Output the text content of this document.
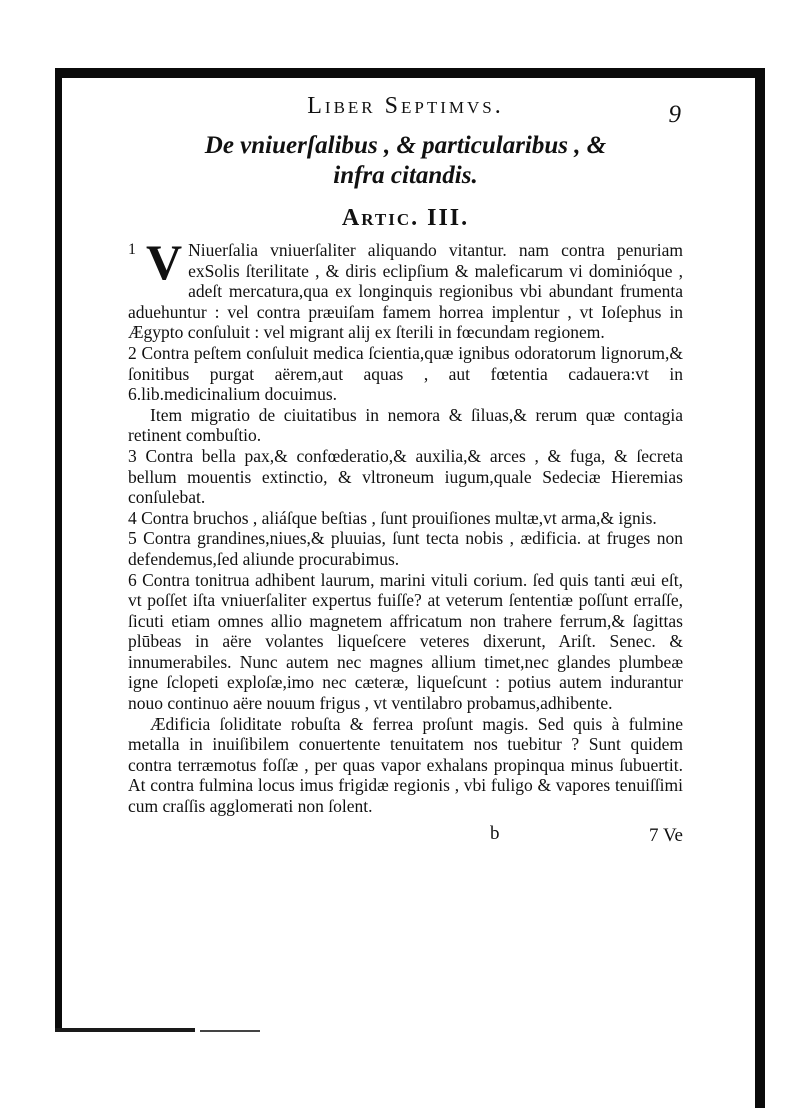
Liber Septimvs.	9
De vniuerſalibus , & particularibus , &
infra citandis.
Artic. III.

1 V Niuerſalia vniuerſaliter aliquando vitantur. nam contra penuriam exSolis ſterilitate , & diris eclipſium & maleficarum vi dominióque , adeſt mercatura,qua ex longinquis regionibus vbi abundant frumenta aduehuntur : vel contra præuiſam famem horrea implentur , vt Ioſephus in Ægypto conſuluit : vel migrant alij ex ſterili in fœcundam regionem.

2 Contra peſtem conſuluit medica ſcientia,quæ ignibus odoratorum lignorum,& ſonitibus purgat aërem,aut aquas , aut fœtentia cadauera:vt in 6.lib.medicinalium docuimus.

Item migratio de ciuitatibus in nemora & ſiluas,& rerum quæ contagia retinent combuſtio.

3 Contra bella pax,& confœderatio,& auxilia,& arces , & fuga, & ſecreta bellum mouentis extinctio, & vltroneum iugum,quale Sedeciæ Hieremias conſulebat.

4 Contra bruchos , aliáſque beſtias , ſunt prouiſiones multæ,vt arma,& ignis.

5 Contra grandines,niues,& pluuias, ſunt tecta nobis , ædificia. at fruges non defendemus,ſed aliunde procurabimus.

6 Contra tonitrua adhibent laurum, marini vituli corium. ſed quis tanti æui eſt, vt poſſet iſta vniuerſaliter expertus fuiſſe? at veterum ſententiæ poſſunt erraſſe, ſicuti etiam omnes allio magnetem affricatum non trahere ferrum,& ſagittas plūbeas in aëre volantes liqueſcere veteres dixerunt, Ariſt. Senec. & innumerabiles. Nunc autem nec magnes allium timet,nec glandes plumbeæ igne ſclopeti exploſæ,imo nec cæteræ, liqueſcunt : potius autem indurantur nouo continuo aëre nouum frigus , vt ventilabro probamus,adhibente.

Ædificia ſoliditate robuſta & ferrea proſunt magis. Sed quis à fulmine metalla in inuiſibilem conuertente tenuitatem nos tuebitur ? Sunt quidem contra terræmotus foſſæ , per quas vapor exhalans propinqua minus ſubuertit. At contra fulmina locus imus frigidæ regionis , vbi fuligo & vapores tenuiſſimi cum craſſis agglomerati non ſolent.

b	7 Ve
